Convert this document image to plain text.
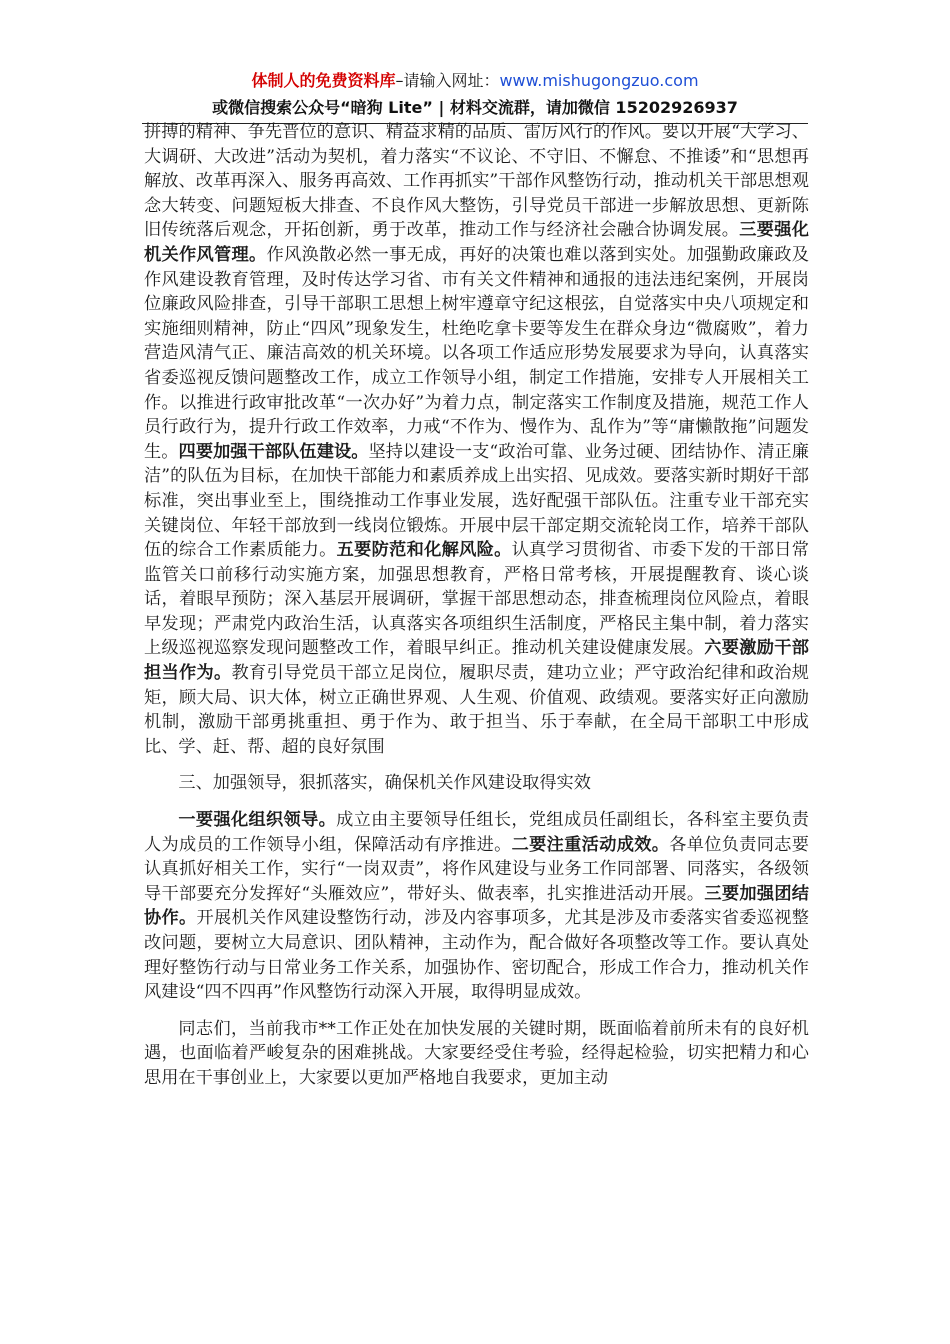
体制人的免费资料库–请输入网址：www.mishugongzuo.com
或微信搜索公众号“暗狗 Lite” | 材料交流群，请加微信 15202926937

拼搏的精神、争先晋位的意识、精益求精的品质、雷厉风行的作风。要以开展“大学习、大调研、大改进”活动为契机，着力落实“不议论、不守旧、不懈怠、不推诿”和“思想再解放、改革再深入、服务再高效、工作再抓实”干部作风整饬行动，推动机关干部思想观念大转变、问题短板大排查、不良作风大整饬，引导党员干部进一步解放思想、更新陈旧传统落后观念，开拓创新，勇于改革，推动工作与经济社会融合协调发展。三要强化机关作风管理。作风涣散必然一事无成，再好的决策也难以落到实处。加强勤政廉政及作风建设教育管理，及时传达学习省、市有关文件精神和通报的违法违纪案例，开展岗位廉政风险排查，引导干部职工思想上树牢遵章守纪这根弦，自觉落实中央八项规定和实施细则精神，防止“四风”现象发生，杜绝吃拿卡要等发生在群众身边“微腐败”，着力营造风清气正、廉洁高效的机关环境。以各项工作适应形势发展要求为导向，认真落实省委巡视反馈问题整改工作，成立工作领导小组，制定工作措施，安排专人开展相关工作。以推进行政审批改革“一次办好”为着力点，制定落实工作制度及措施，规范工作人员行政行为，提升行政工作效率，力戒“不作为、慢作为、乱作为”等“庸懒散拖”问题发生。四要加强干部队伍建设。坚持以建设一支“政治可靠、业务过硬、团结协作、清正廉洁”的队伍为目标，在加快干部能力和素质养成上出实招、见成效。要落实新时期好干部标准，突出事业至上，围绕推动工作事业发展，选好配强干部队伍。注重专业干部充实关键岗位、年轻干部放到一线岗位锻炼。开展中层干部定期交流轮岗工作，培养干部队伍的综合工作素质能力。五要防范和化解风险。认真学习贯彻省、市委下发的干部日常监管关口前移行动实施方案，加强思想教育，严格日常考核，开展提醒教育、谈心谈话，着眼早预防；深入基层开展调研，掌握干部思想动态，排查梳理岗位风险点，着眼早发现；严肃党内政治生活，认真落实各项组织生活制度，严格民主集中制，着力落实上级巡视巡察发现问题整改工作，着眼早纠正。推动机关建设健康发展。六要激励干部担当作为。教育引导党员干部立足岗位，履职尽责，建功立业；严守政治纪律和政治规矩，顾大局、识大体，树立正确世界观、人生观、价值观、政绩观。要落实好正向激励机制，激励干部勇挑重担、勇于作为、敢于担当、乐于奉献，在全局干部职工中形成比、学、赶、帮、超的良好氛围

三、加强领导，狠抓落实，确保机关作风建设取得实效

一要强化组织领导。成立由主要领导任组长，党组成员任副组长，各科室主要负责人为成员的工作领导小组，保障活动有序推进。二要注重活动成效。各单位负责同志要认真抓好相关工作，实行“一岗双责”，将作风建设与业务工作同部署、同落实，各级领导干部要充分发挥好“头雁效应”，带好头、做表率，扎实推进活动开展。三要加强团结协作。开展机关作风建设整饬行动，涉及内容事项多，尤其是涉及市委落实省委巡视整改问题，要树立大局意识、团队精神，主动作为，配合做好各项整改等工作。要认真处理好整饬行动与日常业务工作关系，加强协作、密切配合，形成工作合力，推动机关作风建设“四不四再”作风整饬行动深入开展，取得明显成效。

同志们，当前我市**工作正处在加快发展的关键时期，既面临着前所未有的良好机遇，也面临着严峻复杂的困难挑战。大家要经受住考验，经得起检验，切实把精力和心思用在干事创业上，大家要以更加严格地自我要求，更加主动
